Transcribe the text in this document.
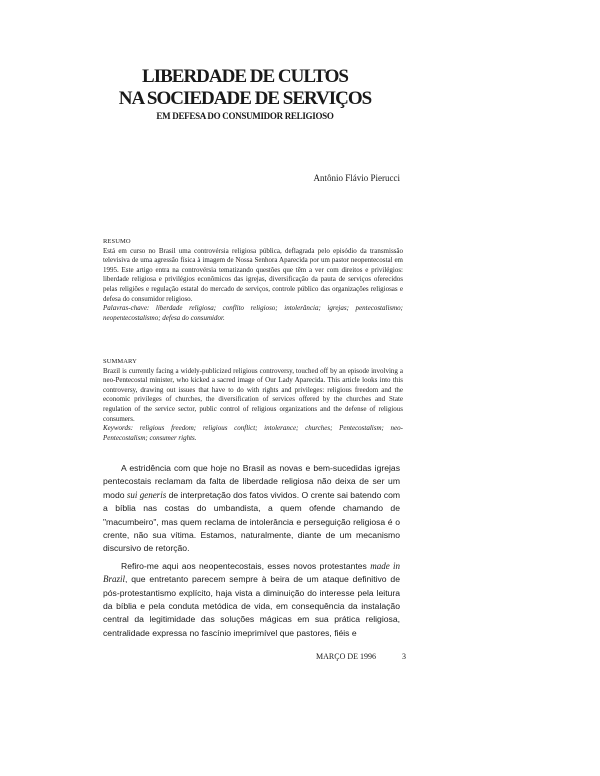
LIBERDADE DE CULTOS
NA SOCIEDADE DE SERVIÇOS
EM DEFESA DO CONSUMIDOR RELIGIOSO

Antônio Flávio Pierucci

RESUMO

Está em curso no Brasil uma controvérsia religiosa pública, deflagrada pelo episódio da transmissão televisiva de uma agressão física à imagem de Nossa Senhora Aparecida por um pastor neopentecostal em 1995. Este artigo entra na controvérsia tematizando questões que têm a ver com direitos e privilégios: liberdade religiosa e privilégios econômicos das igrejas, diversificação da pauta de serviços oferecidos pelas religiões e regulação estatal do mercado de serviços, controle público das organizações religiosas e defesa do consumidor religioso.

Palavras-chave: liberdade religiosa; conflito religioso; intolerância; igrejas; pentecostalismo; neopentecostalismo; defesa do consumidor.

SUMMARY

Brazil is currently facing a widely-publicized religious controversy, touched off by an episode involving a neo-Pentecostal minister, who kicked a sacred image of Our Lady Aparecida. This article looks into this controversy, drawing out issues that have to do with rights and privileges: religious freedom and the economic privileges of churches, the diversification of services offered by the churches and State regulation of the service sector, public control of religious organizations and the defense of religious consumers.

Keywords: religious freedom; religious conflict; intolerance; churches; Pentecostalism; neo-Pentecostalism; consumer rights.

A estridência com que hoje no Brasil as novas e bem-sucedidas igrejas pentecostais reclamam da falta de liberdade religiosa não deixa de ser um modo sui generis de interpretação dos fatos vividos. O crente sai batendo com a bíblia nas costas do umbandista, a quem ofende chamando de "macumbeiro", mas quem reclama de intolerância e perseguição religiosa é o crente, não sua vítima. Estamos, naturalmente, diante de um mecanismo discursivo de retorção.

Refiro-me aqui aos neopentecostais, esses novos protestantes made in Brazil, que entretanto parecem sempre à beira de um ataque definitivo de pós-protestantismo explícito, haja vista a diminuição do interesse pela leitura da bíblia e pela conduta metódica de vida, em consequência da instalação central da legitimidade das soluções mágicas em sua prática religiosa, centralidade expressa no fascínio imeprimível que pastores, fiéis e

MARÇO DE 1996	3
